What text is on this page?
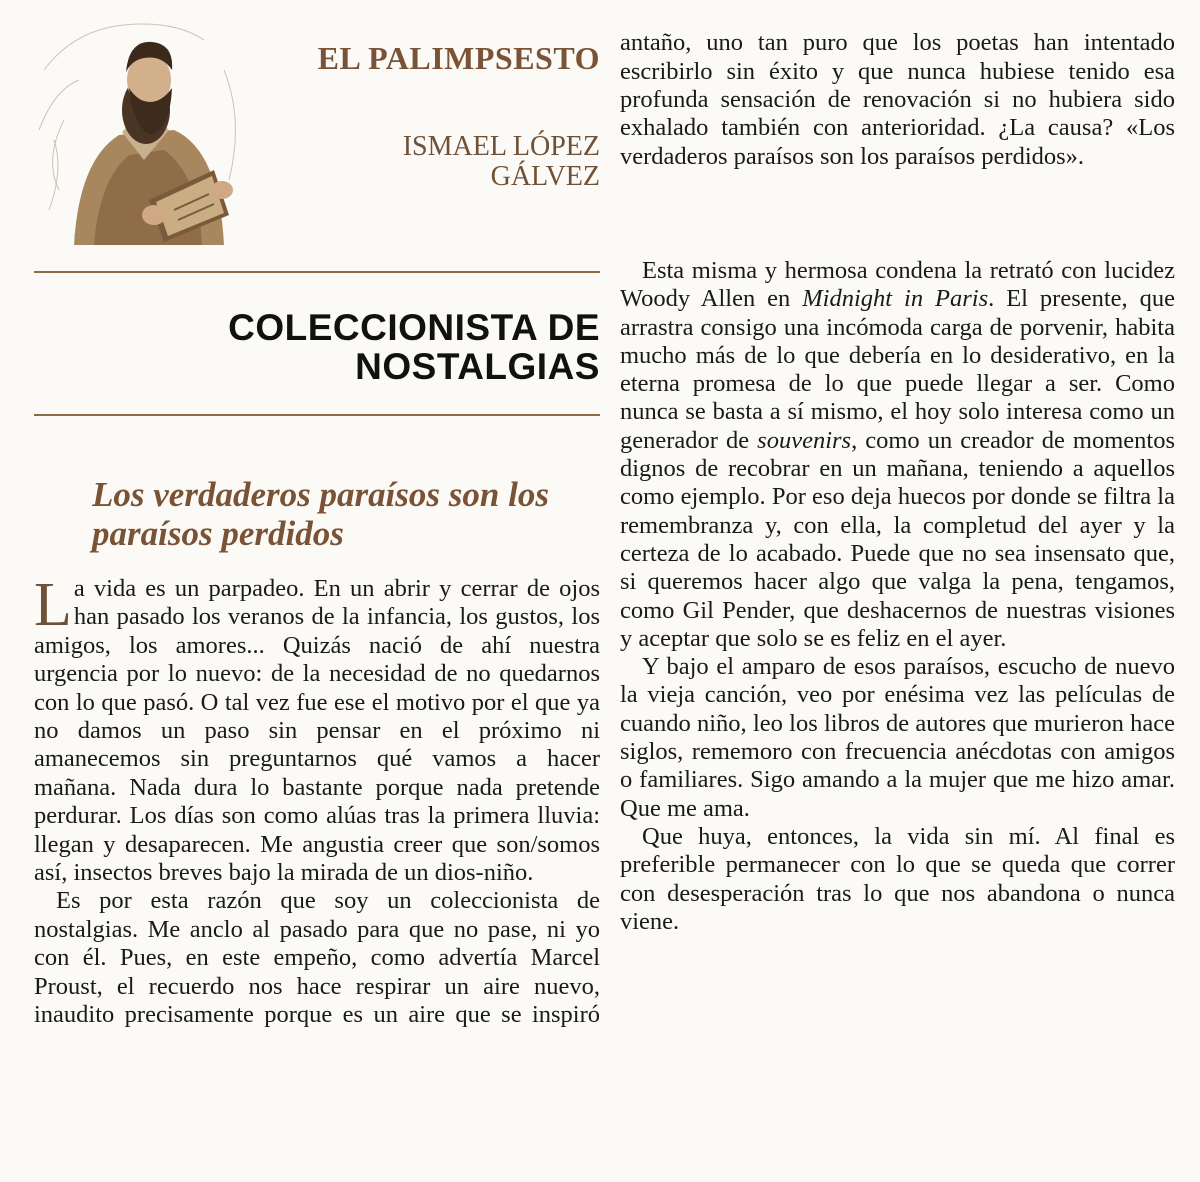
EL PALIMPSESTO

ISMAEL LÓPEZ GÁLVEZ

COLECCIONISTA DE NOSTALGIAS
Los verdaderos paraísos son los paraísos perdidos

La vida es un parpadeo. En un abrir y cerrar de ojos han pasado los veranos de la infancia, los gustos, los amigos, los amores... Quizás nació de ahí nuestra urgencia por lo nuevo: de la necesidad de no quedarnos con lo que pasó. O tal vez fue ese el motivo por el que ya no damos un paso sin pensar en el próximo ni amanecemos sin preguntarnos qué vamos a hacer mañana. Nada dura lo bastante porque nada pretende perdurar. Los días son como alúas tras la primera lluvia: llegan y desaparecen. Me angustia creer que son/somos así, insectos breves bajo la mirada de un dios-niño.

Es por esta razón que soy un coleccionista de nostalgias. Me anclo al pasado para que no pase, ni yo con él. Pues, en este empeño, como advertía Marcel Proust, el recuerdo nos hace respirar un aire nuevo, inaudito precisamente porque es un aire que se inspiró

antaño, uno tan puro que los poetas han intentado escribirlo sin éxito y que nunca hubiese tenido esa profunda sensación de renovación si no hubiera sido exhalado también con anterioridad. ¿La causa? «Los verdaderos paraísos son los paraísos perdidos».

Esta misma y hermosa condena la retrató con lucidez Woody Allen en Midnight in Paris. El presente, que arrastra consigo una incómoda carga de porvenir, habita mucho más de lo que debería en lo desiderativo, en la eterna promesa de lo que puede llegar a ser. Como nunca se basta a sí mismo, el hoy solo interesa como un generador de souvenirs, como un creador de momentos dignos de recobrar en un mañana, teniendo a aquellos como ejemplo. Por eso deja huecos por donde se filtra la remembranza y, con ella, la completud del ayer y la certeza de lo acabado. Puede que no sea insensato que, si queremos hacer algo que valga la pena, tengamos, como Gil Pender, que deshacernos de nuestras visiones y aceptar que solo se es feliz en el ayer.

Y bajo el amparo de esos paraísos, escucho de nuevo la vieja canción, veo por enésima vez las películas de cuando niño, leo los libros de autores que murieron hace siglos, rememoro con frecuencia anécdotas con amigos o familiares. Sigo amando a la mujer que me hizo amar. Que me ama.

Que huya, entonces, la vida sin mí. Al final es preferible permanecer con lo que se queda que correr con desesperación tras lo que nos abandona o nunca viene.
